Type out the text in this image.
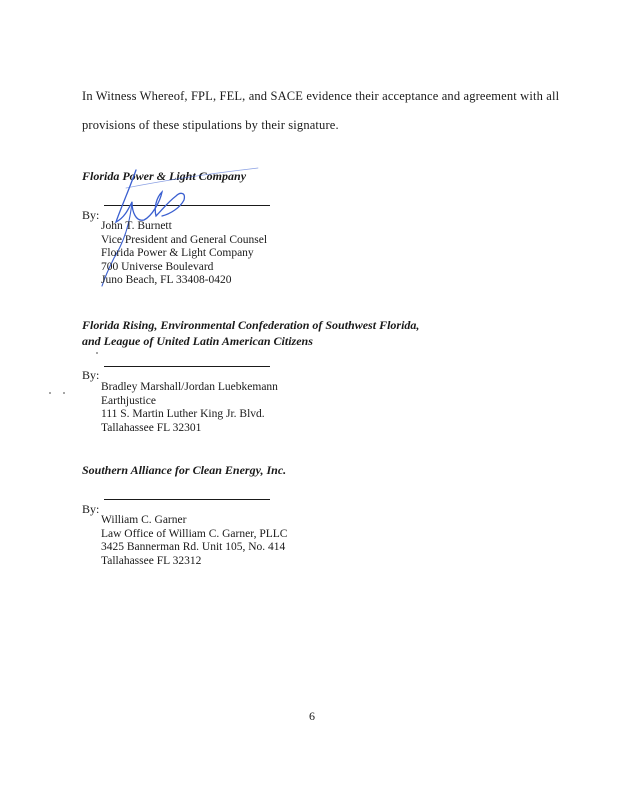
In Witness Whereof, FPL, FEL, and SACE evidence their acceptance and agreement with all
provisions of these stipulations by their signature.
Florida Power & Light Company
By:
John T. Burnett
Vice President and General Counsel
Florida Power & Light Company
700 Universe Boulevard
Juno Beach, FL 33408-0420
Florida Rising, Environmental Confederation of Southwest Florida,
and League of United Latin American Citizens
By:
Bradley Marshall/Jordan Luebkemann
Earthjustice
111 S. Martin Luther King Jr. Blvd.
Tallahassee FL 32301
Southern Alliance for Clean Energy, Inc.
By:
William C. Garner
Law Office of William C. Garner, PLLC
3425 Bannerman Rd. Unit 105, No. 414
Tallahassee FL 32312
6
